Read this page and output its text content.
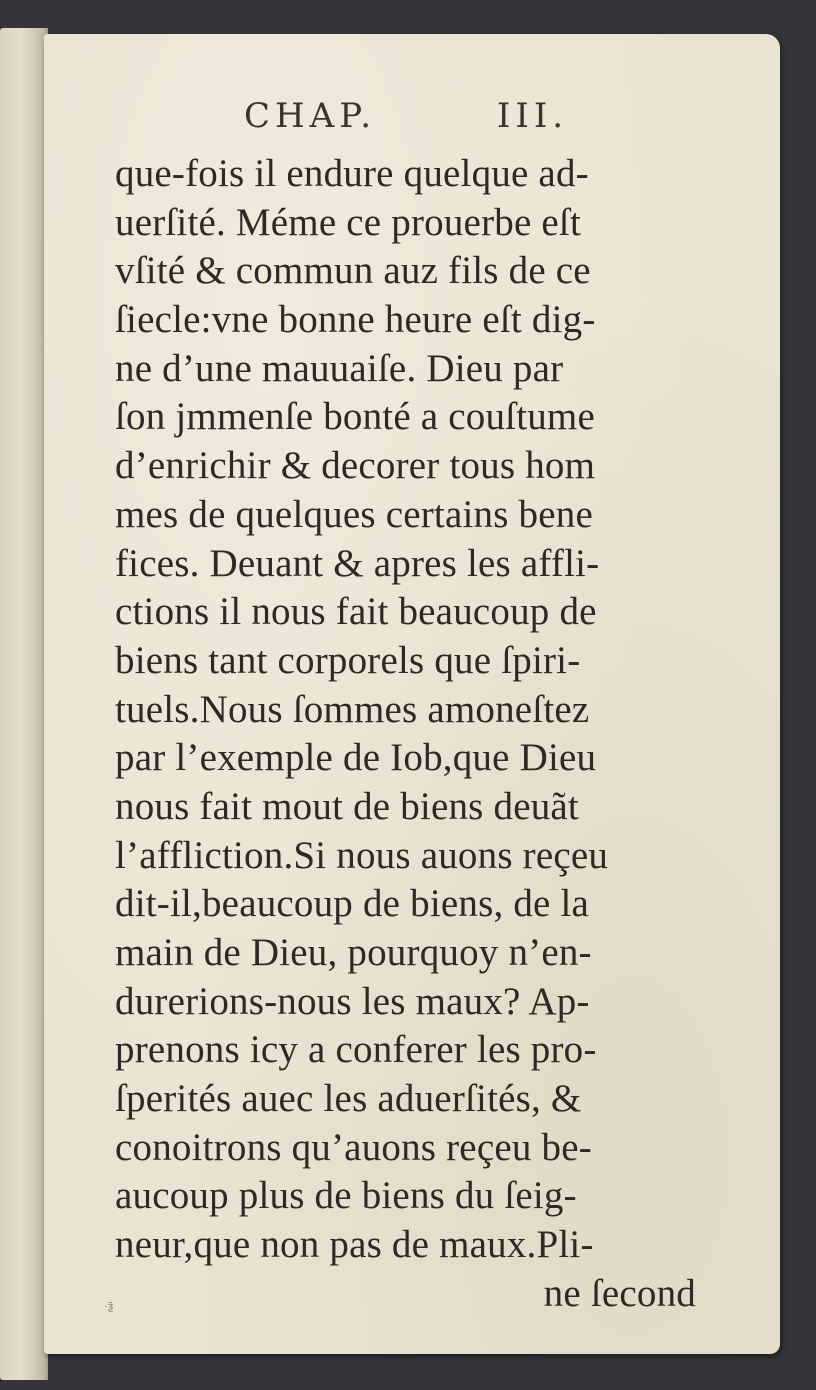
CHAP.	III.
que-fois il endure quelque ad-
uerſité. Méme ce prouerbe eſt
vſité & commun auz fils de ce
ſiecle:vne bonne heure eſt dig-
ne d’une mauuaiſe. Dieu par
ſon jmmenſe bonté a couſtume
d’enrichir & decorer tous hom
mes de quelques certains bene
fices. Deuant & apres les affli-
ctions il nous fait beaucoup de
biens tant corporels que ſpiri-
tuels.Nous ſommes amoneſtez
par l’exemple de Iob,que Dieu
nous fait mout de biens deuãt
l’affliction.Si nous auons reçeu
dit-il,beaucoup de biens, de la
main de Dieu, pourquoy n’en-
durerions-nous les maux? Ap-
prenons icy a conferer les pro-
ſperités auec les aduerſités, &
conoitrons qu’auons reçeu be-
aucoup plus de biens du ſeig-
neur,que non pas de maux.Pli-
ne ſecond
·ƺ̄
